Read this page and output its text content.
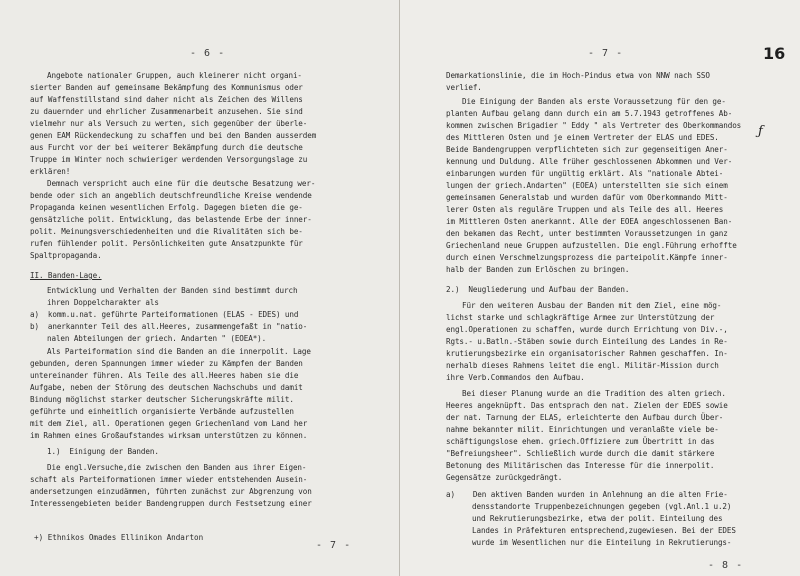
- 6 -
Angebote nationaler Gruppen, auch kleinerer nicht organi-
sierter Banden auf gemeinsame Bekämpfung des Kommunismus oder
auf Waffenstillstand sind daher nicht als Zeichen des Willens
zu dauernder und ehrlicher Zusammenarbeit anzusehen. Sie sind
vielmehr nur als Versuch zu werten, sich gegenüber der überle-
genen EAM Rückendeckung zu schaffen und bei den Banden ausserdem
aus Furcht vor der bei weiterer Bekämpfung durch die deutsche
Truppe im Winter noch schwieriger werdenden Versorgungslage zu
erklären!
Demnach verspricht auch eine für die deutsche Besatzung wer-
bende oder sich an angeblich deutschfreundliche Kreise wendende
Propaganda keinen wesentlichen Erfolg. Dagegen bieten die ge-
gensätzliche polit. Entwicklung, das belastende Erbe der inner-
polit. Meinungsverschiedenheiten und die Rivalitäten sich be-
rufen fühlender polit. Persönlichkeiten gute Ansatzpunkte für
Spaltpropaganda.
II. Banden-Lage.
Entwicklung und Verhalten der Banden sind bestimmt durch
ihren Doppelcharakter als
a)  komm.u.nat. geführte Parteiformationen (ELAS - EDES) und
b)  anerkannter Teil des all.Heeres, zusammengefaßt in "natio-
nalen Abteilungen der griech. Andarten " (EOEA*).
Als Parteiformation sind die Banden an die innerpolit. Lage
gebunden, deren Spannungen immer wieder zu Kämpfen der Banden
untereinander führen. Als Teile des all.Heeres haben sie die
Aufgabe, neben der Störung des deutschen Nachschubs und damit
Bindung möglichst starker deutscher Sicherungskräfte milit.
geführte und einheitlich organisierte Verbände aufzustellen
mit dem Ziel, all. Operationen gegen Griechenland vom Land her
im Rahmen eines Großaufstandes wirksam unterstützen zu können.
1.)  Einigung der Banden.
Die engl.Versuche,die zwischen den Banden aus ihrer Eigen-
schaft als Parteiformationen immer wieder entstehenden Ausein-
andersetzungen einzudämmen, führten zunächst zur Abgrenzung von
Interessengebieten beider Bandengruppen durch Festsetzung einer
+) Ethnikos Omades Ellinikon Andarton
- 7 -
- 7 -	16
ƒ
Demarkationslinie, die im Hoch-Pindus etwa von NNW nach SSO
verlief.
Die Einigung der Banden als erste Voraussetzung für den ge-
planten Aufbau gelang dann durch ein am 5.7.1943 getroffenes Ab-
kommen zwischen Brigadier " Eddy " als Vertreter des Oberkommandos
des Mittleren Osten und je einem Vertreter der ELAS und EDES.
Beide Bandengruppen verpflichteten sich zur gegenseitigen Aner-
kennung und Duldung. Alle früher geschlossenen Abkommen und Ver-
einbarungen wurden für ungültig erklärt. Als "nationale Abtei-
lungen der griech.Andarten" (EOEA) unterstellten sie sich einem
gemeinsamen Generalstab und wurden dafür vom Oberkommando Mitt-
lerer Osten als reguläre Truppen und als Teile des all. Heeres
im Mittleren Osten anerkannt. Alle der EOEA angeschlossenen Ban-
den bekamen das Recht, unter bestimmten Voraussetzungen in ganz
Griechenland neue Gruppen aufzustellen. Die engl.Führung erhoffte
durch einen Verschmelzungsprozess die parteipolit.Kämpfe inner-
halb der Banden zum Erlöschen zu bringen.
2.)  Neugliederung und Aufbau der Banden.
Für den weiteren Ausbau der Banden mit dem Ziel, eine mög-
lichst starke und schlagkräftige Armee zur Unterstützung der
engl.Operationen zu schaffen, wurde durch Errichtung von Div.-,
Rgts.- u.Batln.-Stäben sowie durch Einteilung des Landes in Re-
krutierungsbezirke ein organisatorischer Rahmen geschaffen. In-
nerhalb dieses Rahmens leitet die engl. Militär-Mission durch
ihre Verb.Commandos den Aufbau.
Bei dieser Planung wurde an die Tradition des alten griech.
Heeres angeknüpft. Das entsprach den nat. Zielen der EDES sowie
der nat. Tarnung der ELAS, erleichterte den Aufbau durch Über-
nahme bekannter milit. Einrichtungen und veranlaßte viele be-
schäftigungslose ehem. griech.Offiziere zum Übertritt in das
"Befreiungsheer". Schließlich wurde durch die damit stärkere
Betonung des Militärischen das Interesse für die innerpolit.
Gegensätze zurückgedrängt.
a)    Den aktiven Banden wurden in Anlehnung an die alten Frie-
densstandorte Truppenbezeichnungen gegeben (vgl.Anl.1 u.2)
und Rekrutierungsbezirke, etwa der polit. Einteilung des
Landes in Präfekturen entsprechend,zugewiesen. Bei der EDES
wurde im Wesentlichen nur die Einteilung in Rekrutierungs-
- 8 -
